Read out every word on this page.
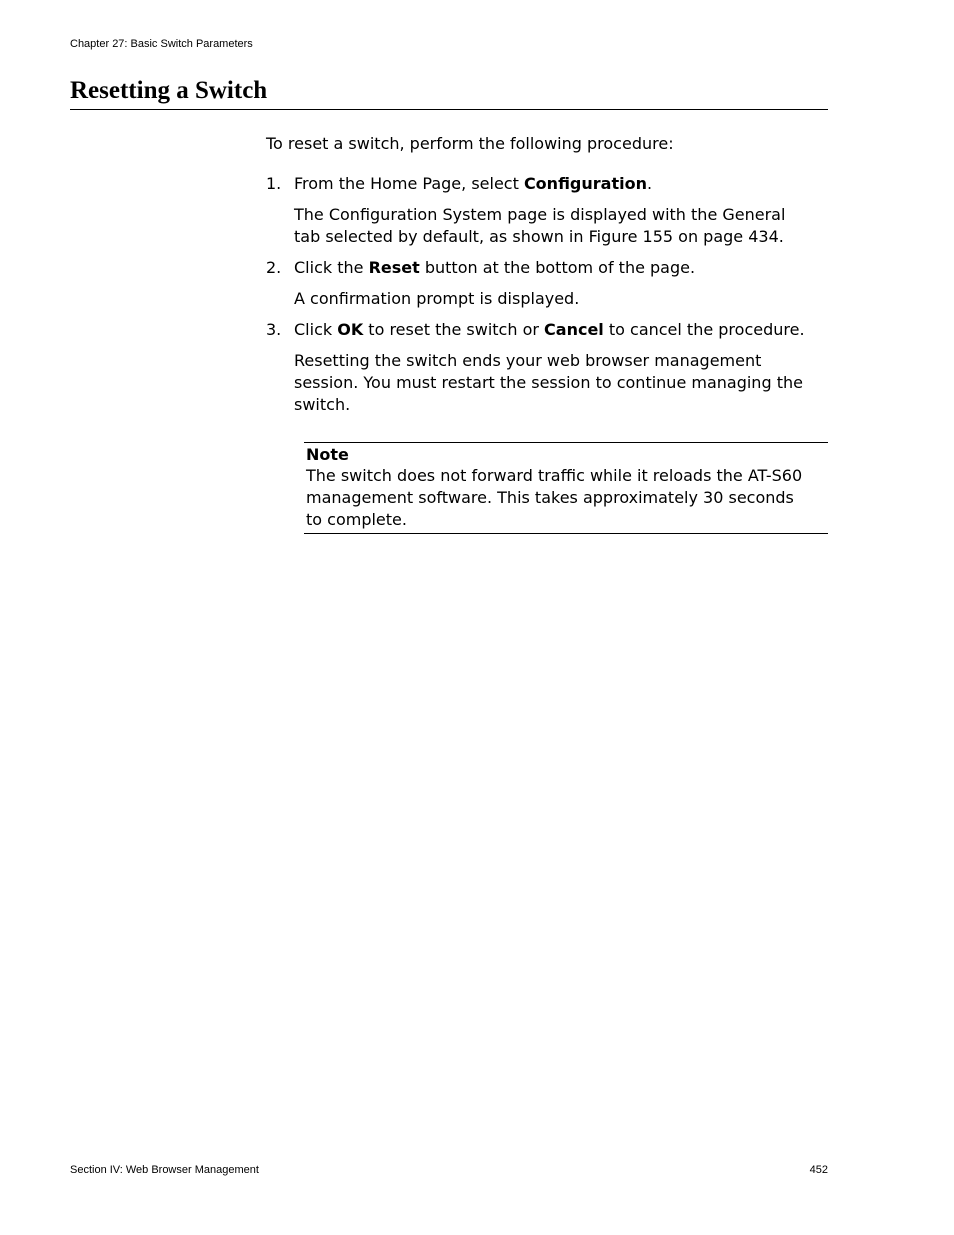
Chapter 27: Basic Switch Parameters
Resetting a Switch

To reset a switch, perform the following procedure:

1. From the Home Page, select Configuration.

The Configuration System page is displayed with the General tab selected by default, as shown in Figure 155 on page 434.

2. Click the Reset button at the bottom of the page.

A confirmation prompt is displayed.

3. Click OK to reset the switch or Cancel to cancel the procedure.

Resetting the switch ends your web browser management session. You must restart the session to continue managing the switch.

Note
The switch does not forward traffic while it reloads the AT-S60 management software. This takes approximately 30 seconds to complete.
Section IV: Web Browser Management	452
